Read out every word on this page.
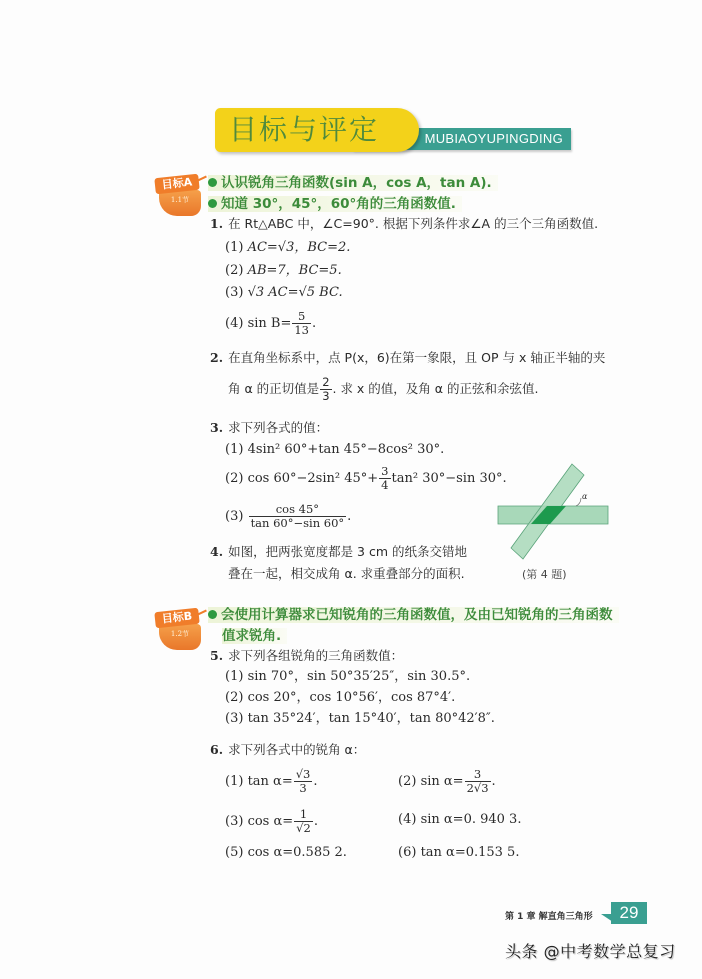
MUBIAOYUPINGDING
目标与评定
1.1节
目标A	认识锐角三角函数(sin A，cos A，tan A).
知道 30°，45°，60°角的三角函数值.
1. 在 Rt△ABC 中，∠C=90°. 根据下列条件求∠A 的三个三角函数值.
(1) AC=√3，BC=2.
(2) AB=7，BC=5.
(3) √3 AC=√5 BC.
(4) $\sin B= \frac{5}{13}$ .
2. 在直角坐标系中，点 P(x，6)在第一象限，且 OP 与 x 轴正半轴的夹
角 α 的正切值是 $\frac{2}{3}$ . 求 x 的值，及角 α 的正弦和余弦值.
3. 求下列各式的值：
(1) 4sin² 60°+tan 45°−8cos² 30°.
(2) cos 60°−2sin² $45^\circ+ \frac{3}{4} \tan^2$ 30°−sin 30°.
$(3) \frac{\cos 45^\circ}{\tan 60^\circ-\sin 60^\circ}$ .
4. 如图，把两张宽度都是 3 cm 的纸条交错地
叠在一起，相交成角 α. 求重叠部分的面积.
α
(第 4 题)
1.2节
目标B	会使用计算器求已知锐角的三角函数值，及由已知锐角的三角函数
值求锐角.
5. 求下列各组锐角的三角函数值：
(1) sin 70°，sin 50°35′25″，sin 30.5°.
(2) cos 20°，cos 10°56′，cos 87°4′.
(3) tan 35°24′，tan 15°40′，tan 80°42′8″.
6. 求下列各式中的锐角 α：
(1) $\tan \alpha= \frac{√3}{3}$ .	(2) $\sin \alpha= \frac{3}{2√3}$ .
(3) $\cos \alpha= \frac{1}{√2}$ .	(4) sin α=0. 940 3.
(5) cos α=0.585 2.	(6) tan α=0.153 5.
第 1 章 解直角三角形	29
头条 @中考数学总复习
